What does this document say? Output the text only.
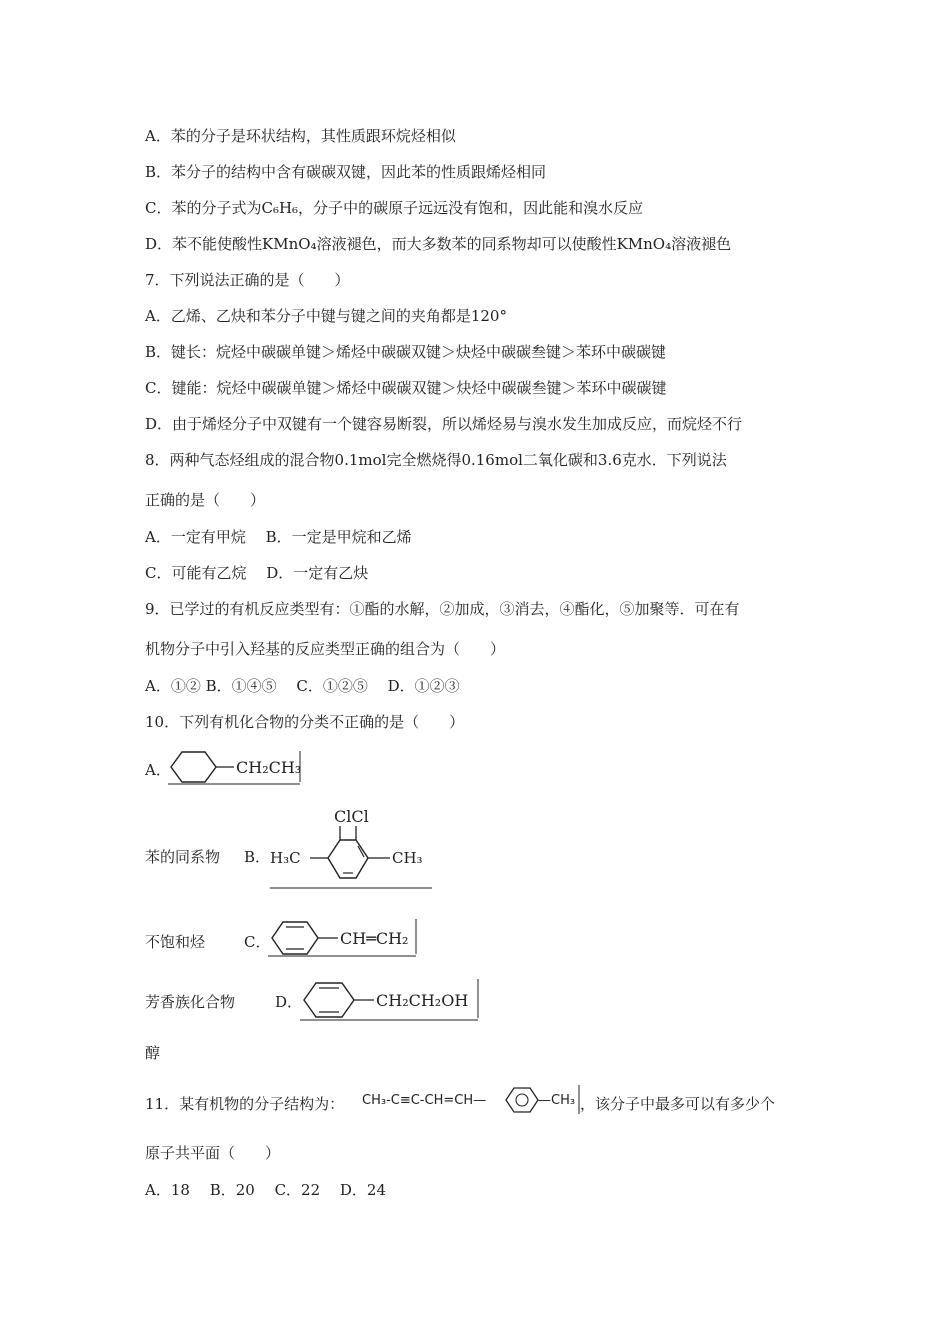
A．苯的分子是环状结构，其性质跟环烷烃相似

B．苯分子的结构中含有碳碳双键，因此苯的性质跟烯烃相同

C．苯的分子式为C₆H₆，分子中的碳原子远远没有饱和，因此能和溴水反应

D．苯不能使酸性KMnO₄溶液褪色，而大多数苯的同系物却可以使酸性KMnO₄溶液褪色

7．下列说法正确的是（　　）

A．乙烯、乙炔和苯分子中键与键之间的夹角都是120°

B．键长：烷烃中碳碳单键＞烯烃中碳碳双键＞炔烃中碳碳叁键＞苯环中碳碳键

C．键能：烷烃中碳碳单键＞烯烃中碳碳双键＞炔烃中碳碳叁键＞苯环中碳碳键

D．由于烯烃分子中双键有一个键容易断裂，所以烯烃易与溴水发生加成反应，而烷烃不行

8．两种气态烃组成的混合物0.1mol完全燃烧得0.16mol二氧化碳和3.6克水．下列说法

正确的是（　　）

A．一定有甲烷　 B．一定是甲烷和乙烯

C．可能有乙烷　 D．一定有乙炔

9．已学过的有机反应类型有：①酯的水解，②加成，③消去，④酯化，⑤加聚等．可在有

机物分子中引入羟基的反应类型正确的组合为（　　）

A．①② B．①④⑤　 C．①②⑤　 D．①②③

10．下列有机化合物的分类不正确的是（　　）

A．	CH₂CH₃

苯的同系物 B．

ClCl
H₃C	CH₃

不饱和烃	C．	CH═CH₂

芳香族化合物	D．	CH₂CH₂OH

醇

11．某有机物的分子结构为： CH₃-C≡C-CH=CH—	—CH₃ ，该分子中最多可以有多少个

原子共平面（　　）

A．18　 B．20　 C．22　 D．24
